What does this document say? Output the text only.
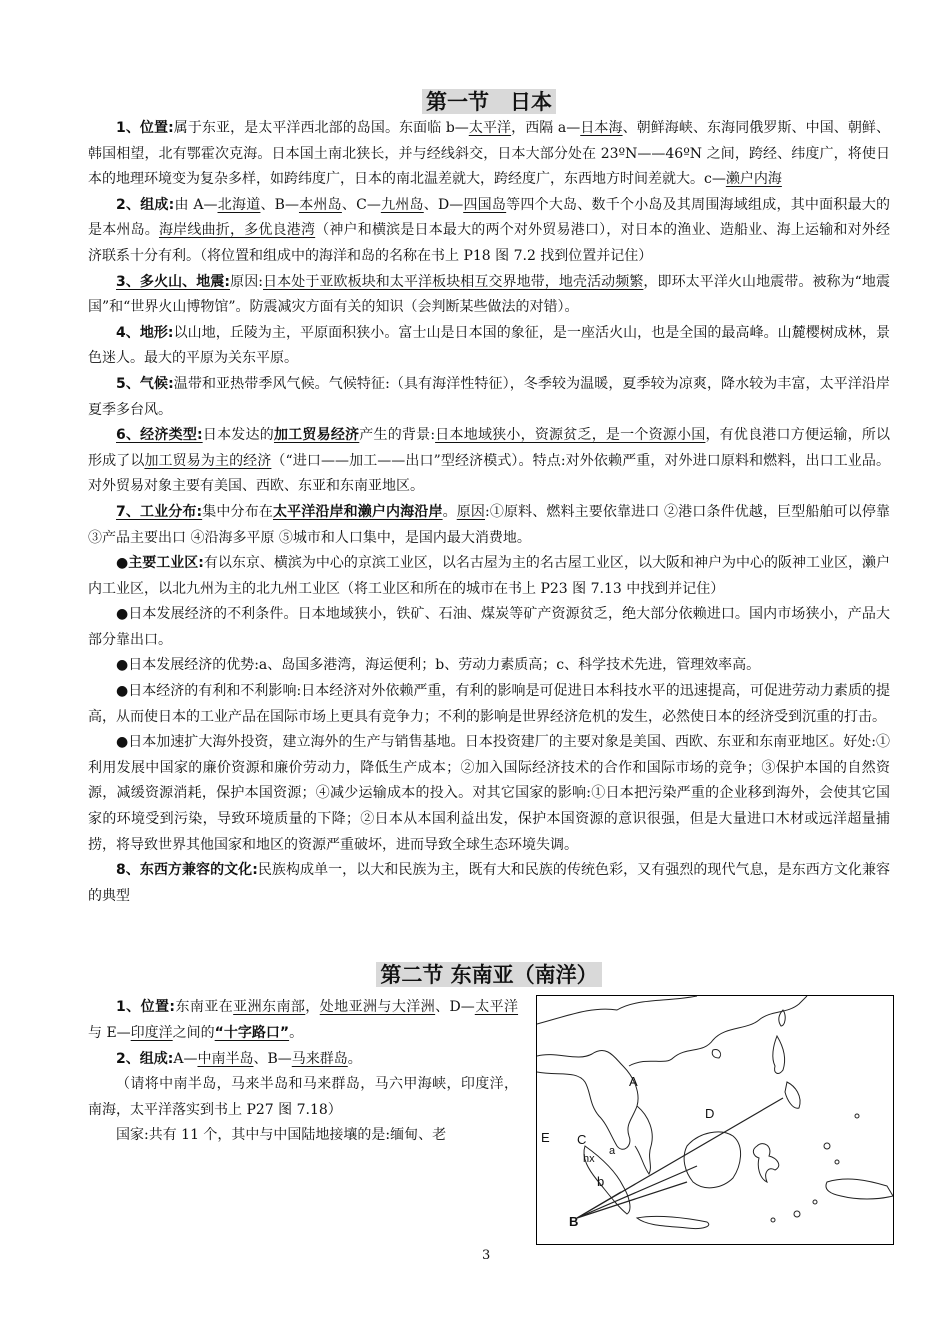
第一节　日本

1、位置:属于东亚，是太平洋西北部的岛国。东面临 b—太平洋，西隔 a—日本海、朝鲜海峡、东海同俄罗斯、中国、朝鲜、韩国相望，北有鄂霍次克海。日本国土南北狭长，并与经线斜交，日本大部分处在 23ºN——46ºN 之间，跨经、纬度广，将使日本的地理环境变为复杂多样，如跨纬度广，日本的南北温差就大，跨经度广，东西地方时间差就大。c—濑户内海

2、组成:由 A—北海道、B—本州岛、C—九州岛、D—四国岛等四个大岛、数千个小岛及其周围海域组成，其中面积最大的是本州岛。海岸线曲折，多优良港湾（神户和横滨是日本最大的两个对外贸易港口），对日本的渔业、造船业、海上运输和对外经济联系十分有利。（将位置和组成中的海洋和岛的名称在书上 P18 图 7.2 找到位置并记住）

3、多火山、地震:原因:日本处于亚欧板块和太平洋板块相互交界地带，地壳活动频繁，即环太平洋火山地震带。被称为“地震国”和“世界火山博物馆”。防震减灾方面有关的知识（会判断某些做法的对错）。

4、地形:以山地，丘陵为主，平原面积狭小。富士山是日本国的象征，是一座活火山，也是全国的最高峰。山麓樱树成林，景色迷人。最大的平原为关东平原。

5、气候:温带和亚热带季风气候。气候特征:（具有海洋性特征），冬季较为温暖，夏季较为凉爽，降水较为丰富，太平洋沿岸夏季多台风。

6、经济类型:日本发达的加工贸易经济产生的背景:日本地域狭小，资源贫乏，是一个资源小国，有优良港口方便运输，所以形成了以加工贸易为主的经济（“进口——加工——出口”型经济模式）。特点:对外依赖严重，对外进口原料和燃料，出口工业品。对外贸易对象主要有美国、西欧、东亚和东南亚地区。

7、工业分布:集中分布在太平洋沿岸和濑户内海沿岸。原因:①原料、燃料主要依靠进口 ②港口条件优越，巨型船舶可以停靠 ③产品主要出口 ④沿海多平原 ⑤城市和人口集中，是国内最大消费地。

●主要工业区:有以东京、横滨为中心的京滨工业区，以名古屋为主的名古屋工业区，以大阪和神户为中心的阪神工业区，濑户内工业区，以北九州为主的北九州工业区（将工业区和所在的城市在书上 P23 图 7.13 中找到并记住）

●日本发展经济的不利条件。日本地域狭小，铁矿、石油、煤炭等矿产资源贫乏，绝大部分依赖进口。国内市场狭小，产品大部分靠出口。

●日本发展经济的优势:a、岛国多港湾，海运便利；b、劳动力素质高；c、科学技术先进，管理效率高。

●日本经济的有利和不利影响:日本经济对外依赖严重，有利的影响是可促进日本科技水平的迅速提高，可促进劳动力素质的提高，从而使日本的工业产品在国际市场上更具有竞争力；不利的影响是世界经济危机的发生，必然使日本的经济受到沉重的打击。

●日本加速扩大海外投资，建立海外的生产与销售基地。日本投资建厂的主要对象是美国、西欧、东亚和东南亚地区。好处:①利用发展中国家的廉价资源和廉价劳动力，降低生产成本；②加入国际经济技术的合作和国际市场的竞争；③保护本国的自然资源，减缓资源消耗，保护本国资源；④减少运输成本的投入。对其它国家的影响:①日本把污染严重的企业移到海外，会使其它国家的环境受到污染，导致环境质量的下降；②日本从本国利益出发，保护本国资源的意识很强，但是大量进口木材或远洋超量捕捞，将导致世界其他国家和地区的资源严重破坏，进而导致全球生态环境失调。

8、东西方兼容的文化:民族构成单一，以大和民族为主，既有大和民族的传统色彩，又有强烈的现代气息，是东西方文化兼容的典型

第二节 东南亚（南洋）

1、位置:东南亚在亚洲东南部，处地亚洲与大洋洲、D—太平洋与 E—印度洋之间的“十字路口”。

2、组成:A—中南半岛、B—马来群岛。

（请将中南半岛，马来半岛和马来群岛，马六甲海峡，印度洋，南海，太平洋落实到书上 P27 图 7.18）

国家:共有 11 个，其中与中国陆地接壤的是:缅甸、老

A
B
C
D
E
a
b
hx
3
